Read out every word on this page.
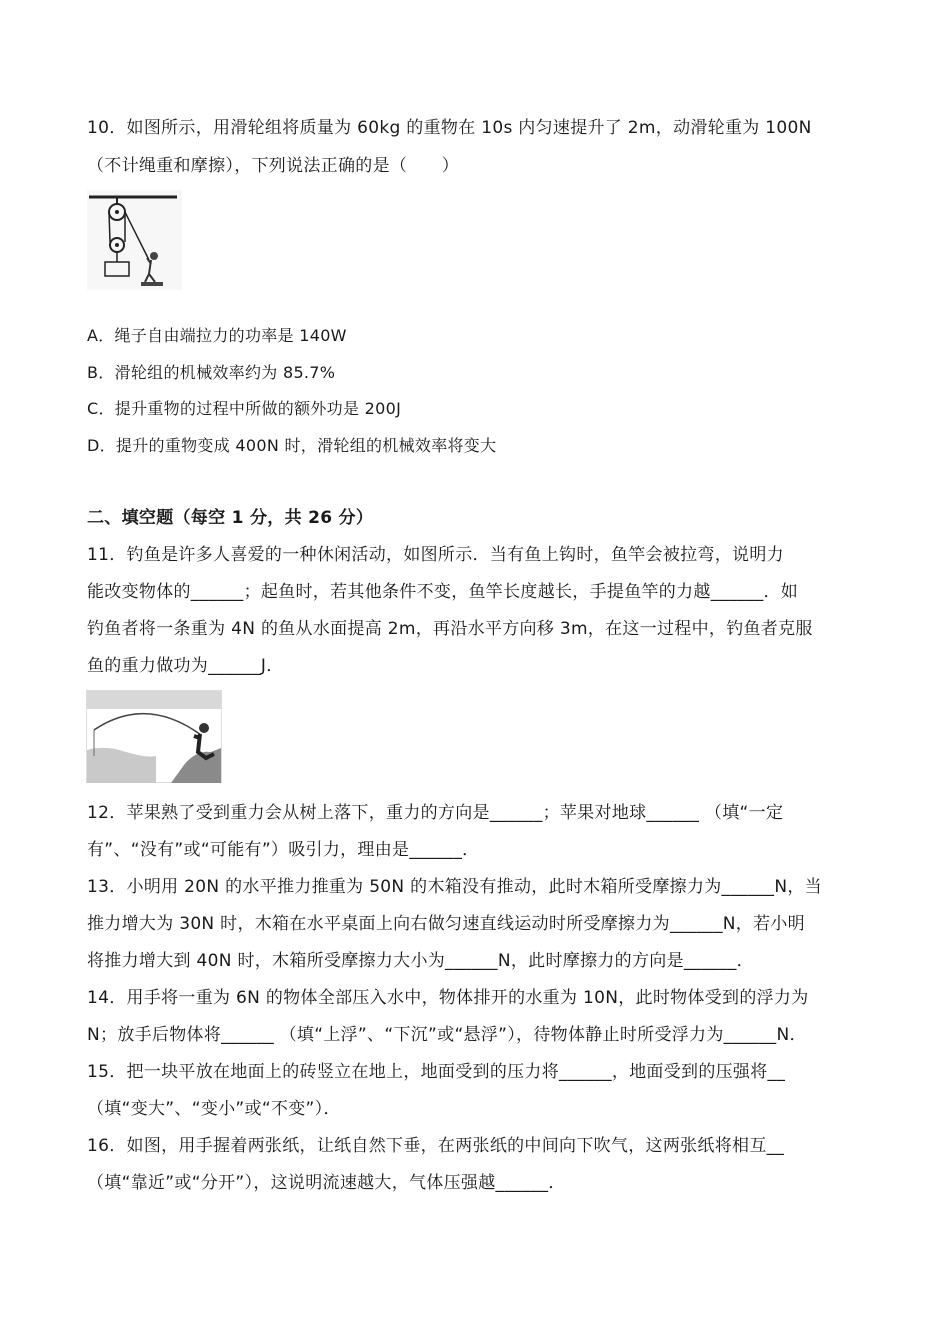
10．如图所示，用滑轮组将质量为 60kg 的重物在 10s 内匀速提升了 2m，动滑轮重为 100N
（不计绳重和摩擦），下列说法正确的是（　　）
A．绳子自由端拉力的功率是 140W
B．滑轮组的机械效率约为 85.7%
C．提升重物的过程中所做的额外功是 200J
D．提升的重物变成 400N 时，滑轮组的机械效率将变大
二、填空题（每空 1 分，共 26 分）
11．钓鱼是许多人喜爱的一种休闲活动，如图所示．当有鱼上钩时，鱼竿会被拉弯，说明力
能改变物体的______；起鱼时，若其他条件不变，鱼竿长度越长，手提鱼竿的力越______．如
钓鱼者将一条重为 4N 的鱼从水面提高 2m，再沿水平方向移 3m，在这一过程中，钓鱼者克服
鱼的重力做功为______J．
12．苹果熟了受到重力会从树上落下，重力的方向是______；苹果对地球______ （填“一定
有”、“没有”或“可能有”）吸引力，理由是______．
13．小明用 20N 的水平推力推重为 50N 的木箱没有推动，此时木箱所受摩擦力为______N，当
推力增大为 30N 时，木箱在水平桌面上向右做匀速直线运动时所受摩擦力为______N，若小明
将推力增大到 40N 时，木箱所受摩擦力大小为______N，此时摩擦力的方向是______．
14．用手将一重为 6N 的物体全部压入水中，物体排开的水重为 10N，此时物体受到的浮力为
N；放手后物体将______ （填“上浮”、“下沉”或“悬浮”），待物体静止时所受浮力为______N．
15．把一块平放在地面上的砖竖立在地上，地面受到的压力将______，地面受到的压强将__
（填“变大”、“变小”或“不变”）．
16．如图，用手握着两张纸，让纸自然下垂，在两张纸的中间向下吹气，这两张纸将相互__
（填“靠近”或“分开”），这说明流速越大，气体压强越______．
